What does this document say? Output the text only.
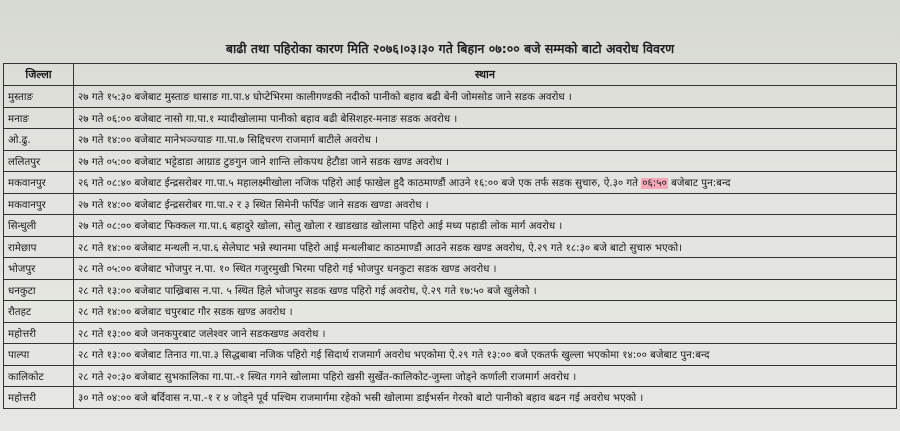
बाढी तथा पहिरोका कारण मिति २०७६।०३।३० गते बिहान ०७:०० बजे सम्मको बाटो अवरोध विवरण
जिल्ला	स्थान
मुस्ताङ	२७ गते १५:३० बजेबाट मुस्ताङ थासाङ गा.पा.४ घोप्टेभिरमा कालीगण्डकी नदीको पानीको बहाव बढी बेनी जोमसोड जाने सडक अवरोध ।
मनाङ	२७ गते ०६:०० बजेबाट नासो गा.पा.१ म्यादीखोलामा पानीको बहाव बढी बेसिशहर-मनाङ सडक अवरोध ।
ओ.ढु.	२७ गते १४:०० बजेबाट मानेभञ्ज्याङ गा.पा.७ सिद्दिचरण राजमार्ग बाटीले अवरोध ।
ललितपुर	२७ गते ०५:०० बजेबाट भट्टेडाडा आग्राड टुङगुन जाने शान्ति लोकपथ हेटौडा जाने सडक खण्ड अवरोध ।
मकवानपुर	२६ गते ०८:४० बजेबाट ईन्द्रसरोबर गा.पा.५ महालक्ष्मीखोला नजिक पहिरो आई फाखेल हुदै काठमाण्डौं आउने १६:०० बजे एक तर्फ सडक सुचारु, ऐ.३० गते ०६:५० बजेबाट पुन:बन्द
मकवानपुर	२७ गते १४:०० बजेबाट ईन्द्रसरोबर गा.पा.२ र ३ स्थित सिमेनी फर्पिङ जाने सडक खण्डा अवरोध ।
सिन्धुली	२७ गते ०८:०० बजेबाट फिक्कल गा.पा.६ बहादुरे खोला, सोलु खोला र खाडखाड खोलामा पहिरो आई मध्य पहाडी लोक मार्ग अवरोध ।
रामेछाप	२८ गते १४:०० बजेबाट मन्थली न.पा.६ सेलेघाट भन्ने स्थानमा पहिरो आई मन्थलीबाट काठमाण्डौं आउने सडक खण्ड अवरोध, ऐ.२९ गते १८:३० बजे बाटो सुचारु भएको।
भोजपुर	२८ गते ०५:०० बजेबाट भोजपुर न.पा. १० स्थित गजुरमुखी भिरमा पहिरो गई भोजपुर धनकुटा सडक खण्ड अवरोध ।
धनकुटा	२८ गते १३:०० बजेबाट पाख्रिबास न.पा. ५ स्थित हिले भोजपुर सडक खण्ड पहिरो गई अवरोध, ऐ.२९ गते १७:५० बजे खुलेको ।
रौतहट	२८ गते १४:०० बजेबाट चपुरबाट गौर सडक खण्ड अवरोध ।
महोत्तरी	२८ गते १३:०० बजे जनकपुरबाट जलेश्वर जाने सडकखण्ड अवरोध ।
पाल्पा	२८ गते १३:०० बजेबाट तिनाउ गा.पा.३ सिद्धबाबा नजिक पहिरो गई सिदार्थ राजमार्ग अवरोध भएकोमा ऐ.२९ गते १३:०० बजे एकतर्फ खुल्ला भएकोमा १४:०० बजेबाट पुन:बन्द
कालिकोट	२८ गते २०:३० बजेबाट सुभकालिका गा.पा.-१ स्थित गगने खोलामा पहिरो खसी सुर्खेत-कालिकोट-जुम्ला जोड्ने कर्णाली राजमार्ग अवरोध ।
महोत्तरी	३० गते ०४:०० बजे बर्दिवास न.पा.-१ र ४ जोड्ने पूर्व पश्चिम राजमार्गमा रहेको भस्री खोलामा डाईभर्सन गेरको बाटो पानीको बहाव बढन गई अवरोध भएको ।
